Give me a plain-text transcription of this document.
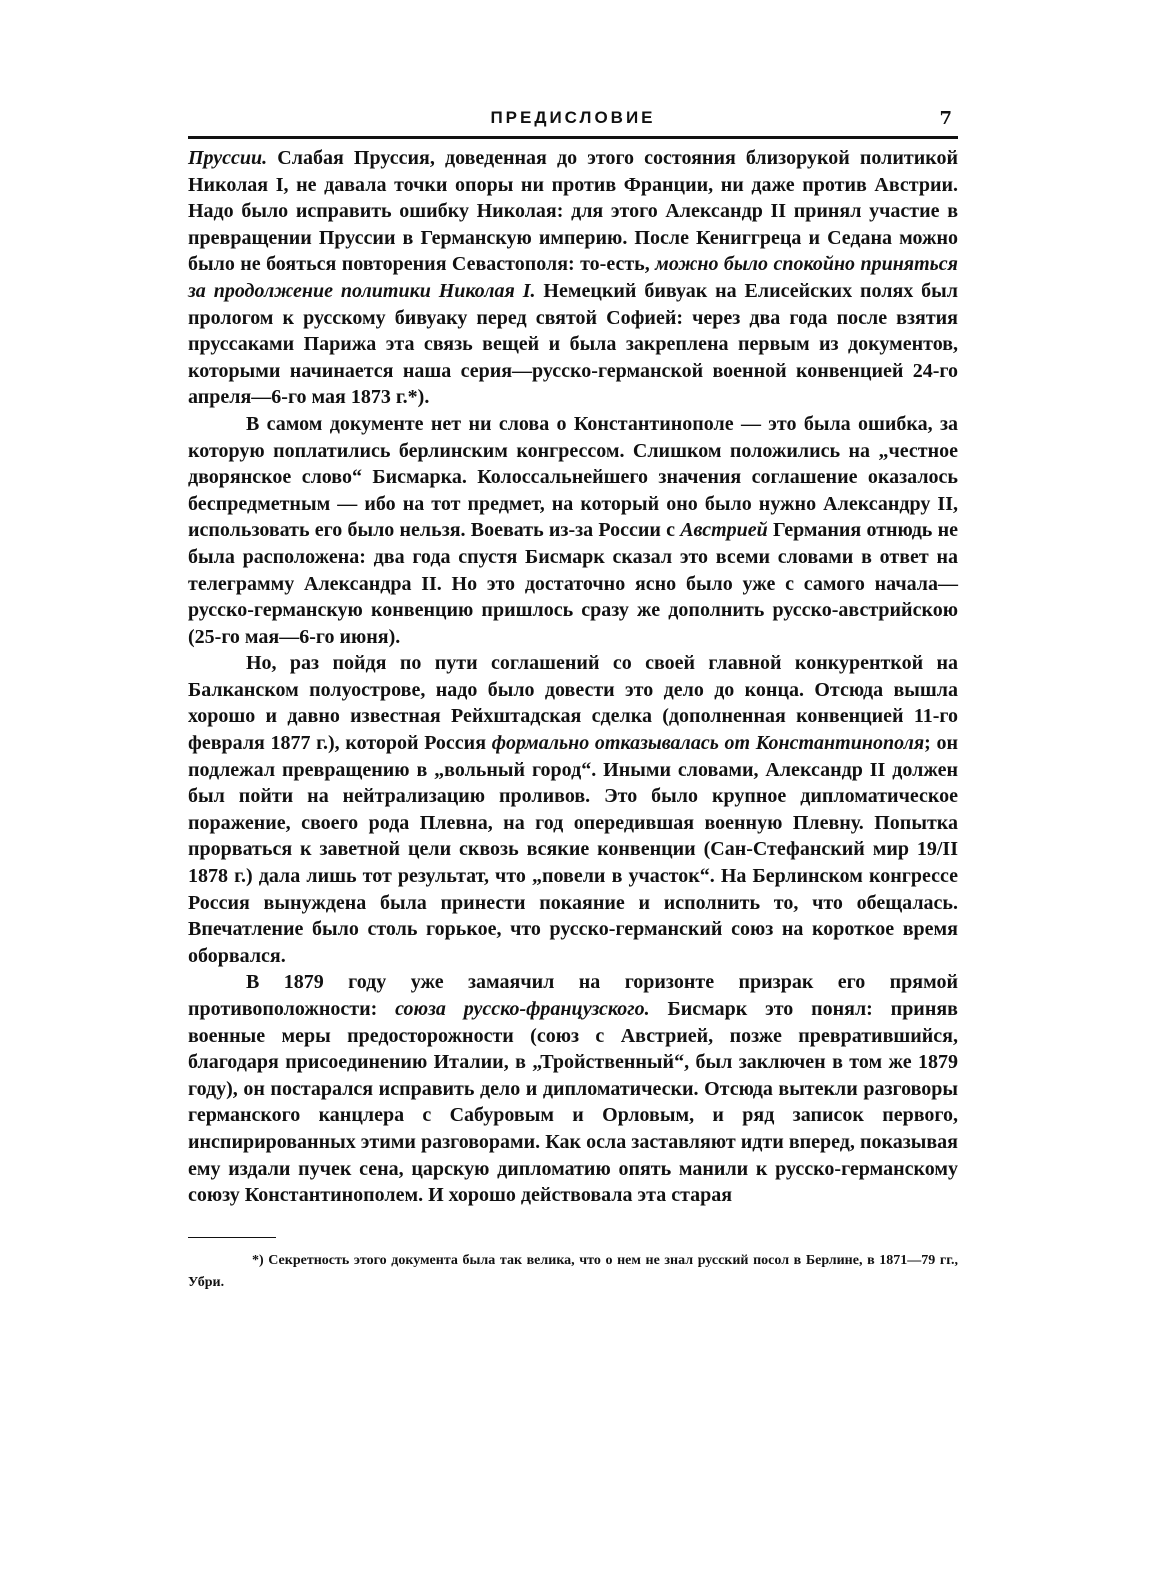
ПРЕДИСЛОВИЕ	7

Пруссии. Слабая Пруссия, доведенная до этого состояния близорукой политикой Николая I, не давала точки опоры ни против Франции, ни даже против Австрии. Надо было исправить ошибку Николая: для этого Александр II принял участие в превращении Пруссии в Германскую империю. После Кениггреца и Седана можно было не бояться повторения Севастополя: то-есть, можно было спокойно приняться за продолжение политики Николая I. Немецкий бивуак на Елисейских полях был прологом к русскому бивуаку перед святой Софией: через два года после взятия пруссаками Парижа эта связь вещей и была закреплена первым из документов, которыми начинается наша серия—русско-германской военной конвенцией 24-го апреля—6-го мая 1873 г.*).

В самом документе нет ни слова о Константинополе — это была ошибка, за которую поплатились берлинским конгрессом. Слишком положились на „честное дворянское слово“ Бисмарка. Колоссальнейшего значения соглашение оказалось беспредметным — ибо на тот предмет, на который оно было нужно Александру II, использовать его было нельзя. Воевать из-за России с Австрией Германия отнюдь не была расположена: два года спустя Бисмарк сказал это всеми словами в ответ на телеграмму Александра II. Но это достаточно ясно было уже с самого начала—русско-германскую конвенцию пришлось сразу же дополнить русско-австрийскою (25-го мая—6-го июня).

Но, раз пойдя по пути соглашений со своей главной конкуренткой на Балканском полуострове, надо было довести это дело до конца. Отсюда вышла хорошо и давно известная Рейхштадская сделка (дополненная конвенцией 11-го февраля 1877 г.), которой Россия формально отказывалась от Константинополя; он подлежал превращению в „вольный город“. Иными словами, Александр II должен был пойти на нейтрализацию проливов. Это было крупное дипломатическое поражение, своего рода Плевна, на год опередившая военную Плевну. Попытка прорваться к заветной цели сквозь всякие конвенции (Сан-Стефанский мир 19/II 1878 г.) дала лишь тот результат, что „повели в участок“. На Берлинском конгрессе Россия вынуждена была принести покаяние и исполнить то, что обещалась. Впечатление было столь горькое, что русско-германский союз на короткое время оборвался.

В 1879 году уже замаячил на горизонте призрак его прямой противоположности: союза русско-французского. Бисмарк это понял: приняв военные меры предосторожности (союз с Австрией, позже превратившийся, благодаря присоединению Италии, в „Тройственный“, был заключен в том же 1879 году), он постарался исправить дело и дипломатически. Отсюда вытекли разговоры германского канцлера с Сабуровым и Орловым, и ряд записок первого, инспирированных этими разговорами. Как осла заставляют идти вперед, показывая ему издали пучек сена, царскую дипломатию опять манили к русско-германскому союзу Константинополем. И хорошо действовала эта старая

*) Секретность этого документа была так велика, что о нем не знал русский посол в Берлине, в 1871—79 гг., Убри.
